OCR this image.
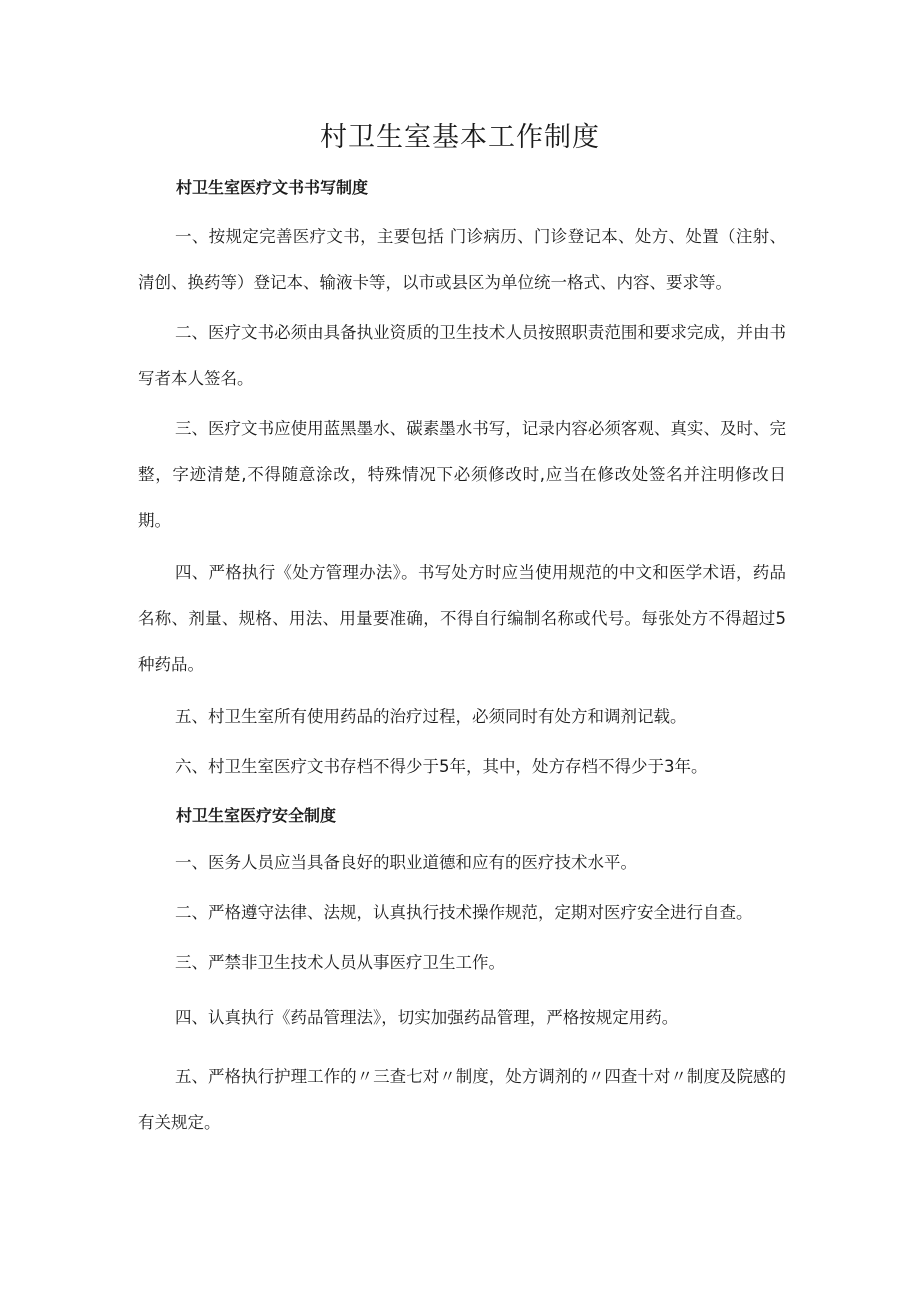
村卫生室基本工作制度
村卫生室医疗文书书写制度

一、按规定完善医疗文书，主要包括 门诊病历、门诊登记本、处方、处置（注射、清创、换药等）登记本、输液卡等，以市或县区为单位统一格式、内容、要求等。

二、医疗文书必须由具备执业资质的卫生技术人员按照职责范围和要求完成，并由书写者本人签名。

三、医疗文书应使用蓝黑墨水、碳素墨水书写，记录内容必须客观、真实、及时、完整，字迹清楚,不得随意涂改，特殊情况下必须修改时,应当在修改处签名并注明修改日期。

四、严格执行《处方管理办法》。书写处方时应当使用规范的中文和医学术语，药品名称、剂量、规格、用法、用量要准确，不得自行编制名称或代号。每张处方不得超过5种药品。

五、村卫生室所有使用药品的治疗过程，必须同时有处方和调剂记载。

六、村卫生室医疗文书存档不得少于5年，其中，处方存档不得少于3年。

村卫生室医疗安全制度

一、医务人员应当具备良好的职业道德和应有的医疗技术水平。

二、严格遵守法律、法规，认真执行技术操作规范，定期对医疗安全进行自查。

三、严禁非卫生技术人员从事医疗卫生工作。

四、认真执行《药品管理法》，切实加强药品管理，严格按规定用药。

五、严格执行护理工作的〃三查七对〃制度，处方调剂的〃四查十对〃制度及院感的有关规定。
